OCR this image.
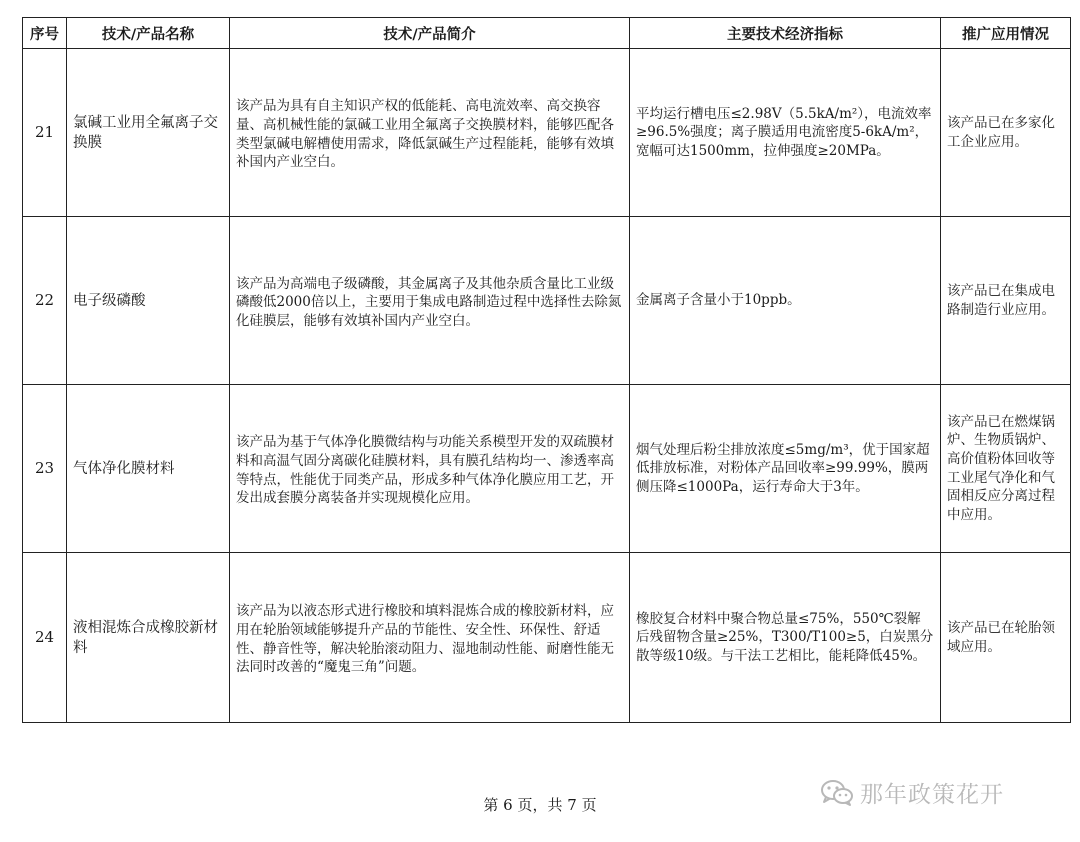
序号	技术/产品名称	技术/产品简介	主要技术经济指标	推广应用情况
21	氯碱工业用全氟离子交换膜	该产品为具有自主知识产权的低能耗、高电流效率、高交换容量、高机械性能的氯碱工业用全氟离子交换膜材料，能够匹配各类型氯碱电解槽使用需求，降低氯碱生产过程能耗，能够有效填补国内产业空白。	平均运行槽电压≤2.98V（5.5kA/m²），电流效率≥96.5%强度；离子膜适用电流密度5-6kA/m²，宽幅可达1500mm，拉伸强度≥20MPa。	该产品已在多家化工企业应用。
22	电子级磷酸	该产品为高端电子级磷酸，其金属离子及其他杂质含量比工业级磷酸低2000倍以上，主要用于集成电路制造过程中选择性去除氮化硅膜层，能够有效填补国内产业空白。	金属离子含量小于10ppb。	该产品已在集成电路制造行业应用。
23	气体净化膜材料	该产品为基于气体净化膜微结构与功能关系模型开发的双疏膜材料和高温气固分离碳化硅膜材料，具有膜孔结构均一、渗透率高等特点，性能优于同类产品，形成多种气体净化膜应用工艺，开发出成套膜分离装备并实现规模化应用。	烟气处理后粉尘排放浓度≤5mg/m³，优于国家超低排放标准，对粉体产品回收率≥99.99%，膜两侧压降≤1000Pa，运行寿命大于3年。	该产品已在燃煤锅炉、生物质锅炉、高价值粉体回收等工业尾气净化和气固相反应分离过程中应用。
24	液相混炼合成橡胶新材料	该产品为以液态形式进行橡胶和填料混炼合成的橡胶新材料，应用在轮胎领域能够提升产品的节能性、安全性、环保性、舒适性、静音性等，解决轮胎滚动阻力、湿地制动性能、耐磨性能无法同时改善的“魔鬼三角”问题。	橡胶复合材料中聚合物总量≤75%，550℃裂解后残留物含量≥25%，T300/T100≥5，白炭黑分散等级10级。与干法工艺相比，能耗降低45%。	该产品已在轮胎领域应用。
第 6 页，共 7 页	那年政策花开
